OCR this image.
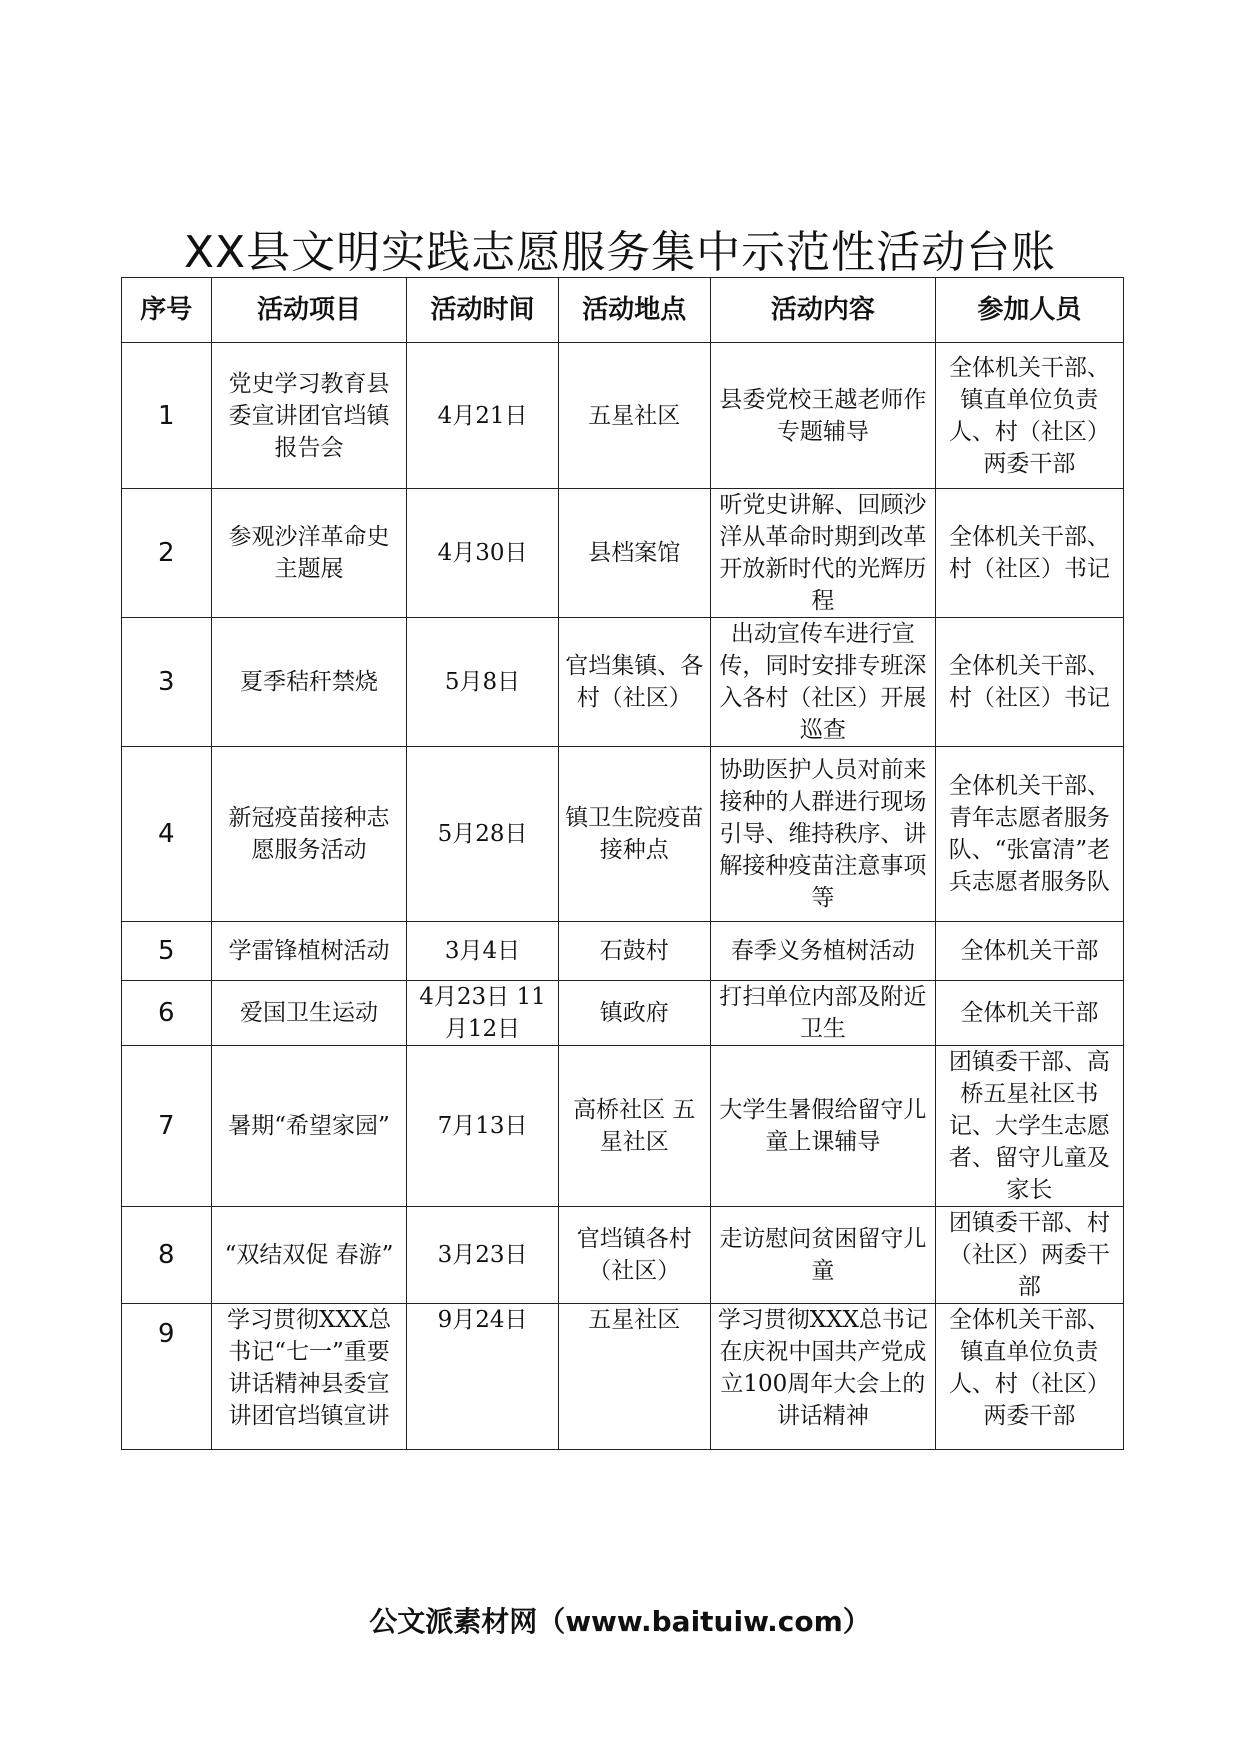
XX县文明实践志愿服务集中示范性活动台账
序号	活动项目	活动时间	活动地点	活动内容	参加人员
1	党史学习教育县委宣讲团官垱镇报告会	4月21日	五星社区	县委党校王越老师作专题辅导	全体机关干部、镇直单位负责人、村（社区）两委干部
2	参观沙洋革命史主题展	4月30日	县档案馆	听党史讲解、回顾沙洋从革命时期到改革开放新时代的光辉历程	全体机关干部、村（社区）书记
3	夏季秸秆禁烧	5月8日	官垱集镇、各村（社区）	出动宣传车进行宣传，同时安排专班深入各村（社区）开展巡查	全体机关干部、村（社区）书记
4	新冠疫苗接种志愿服务活动	5月28日	镇卫生院疫苗接种点	协助医护人员对前来接种的人群进行现场引导、维持秩序、讲解接种疫苗注意事项等	全体机关干部、青年志愿者服务队、“张富清”老兵志愿者服务队
5	学雷锋植树活动	3月4日	石鼓村	春季义务植树活动	全体机关干部
6	爱国卫生运动	4月23日 11月12日	镇政府	打扫单位内部及附近卫生	全体机关干部
7	暑期“希望家园”	7月13日	高桥社区 五星社区	大学生暑假给留守儿童上课辅导	团镇委干部、高桥五星社区书记、大学生志愿者、留守儿童及家长
8	“双结双促 春游”	3月23日	官垱镇各村（社区）	走访慰问贫困留守儿童	团镇委干部、村（社区）两委干部
9	学习贯彻XXX总书记“七一”重要讲话精神县委宣讲团官垱镇宣讲	9月24日	五星社区	学习贯彻XXX总书记在庆祝中国共产党成立100周年大会上的讲话精神	全体机关干部、镇直单位负责人、村（社区）两委干部
公文派素材网（www.baituiw.com）
